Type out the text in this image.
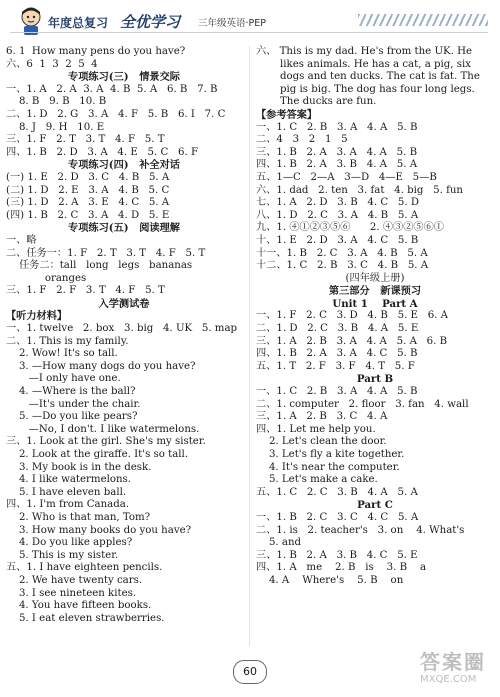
年度总复习 全优学习 三年级英语·PEP
6. 1  How many pens do you have?
六、6  1  3  2  5  4
专项练习(三)   情景交际
一、1. A   2. A  3. A  4. B  5. A   6. B   7. B
8. B   9. B   10. B
二、1. D   2. G   3. A   4. F   5. B   6. I   7. C
8. J   9. H   10. E
三、1. F   2. T   3. T   4. F   5. T
四、1. B   2. D   3. A   4. E   5. C   6. F
专项练习(四)   补全对话
(一) 1. E   2. D   3. C   4. B   5. A
(二) 1. D   2. E   3. A   4. B   5. C
(三) 1. D   2. A   3. E   4. C   5. A
(四) 1. B   2. C   3. A   4. D   5. E
专项练习(五)   阅读理解
一、略
二、任务一：1. F   2. T   3. T   4. F   5. T
任务二：tall   long   legs   bananas
oranges
三、1. F   2. F   3. T   4. F   5. T
入学测试卷
【听力材料】
一、1. twelve   2. box   3. big   4. UK   5. map
二、1. This is my family.
2. Wow! It's so tall.
3. —How many dogs do you have?
—I only have one.
4. —Where is the ball?
—It's under the chair.
5. —Do you like pears?
—No, I don't. I like watermelons.
三、1. Look at the girl. She's my sister.
2. Look at the giraffe. It's so tall.
3. My book is in the desk.
4. I like watermelons.
5. I have eleven ball.
四、1. I'm from Canada.
2. Who is that man, Tom?
3. How many books do you have?
4. Do you like apples?
5. This is my sister.
五、1. I have eighteen pencils.
2. We have twenty cars.
3. I see nineteen kites.
4. You have fifteen books.
5. I eat eleven strawberries.
六、 This is my dad. He's from the UK. He likes animals. He has a cat, a pig, six dogs and ten ducks. The cat is fat. The pig is big. The dog has four long legs. The ducks are fun.
【参考答案】
一、1. C   2. B   3. A   4. A   5. B
二、4   3   2   1   5
三、1. B   2. A   3. A   4. A   5. B
四、1. B   2. A   3. B   4. A   5. A
五、1—C   2—A   3—D   4—E   5—B
六、1. dad   2. ten   3. fat   4. big   5. fun
七、1. A   2. D   3. B   4. C   5. D
八、1. D   2. C   3. A   4. B   5. A
九、1. ④①②③⑤⑥      2. ④③②⑤⑥①
十、1. E   2. D   3. A   4. C   5. B
十一、1. B   2. C   3. A   4. B   5. A
十二、1. C   2. B   3. C   4. B   5. A
(四年级上册)
第三部分   新课预习
Unit 1    Part A
一、1. F   2. C   3. D   4. B   5. E   6. A
二、1. D   2. C   3. B   4. A   5. E
三、1. A   2. B   3. A   4. A   5. A   6. B
四、1. B   2. A   3. A   4. C   5. B
五、1. T   2. F   3. F   4. T   5. F
Part B
一、1. C   2. B   3. A   4. A   5. B
二、1. computer   2. floor   3. fan   4. wall
三、1. A   2. B   3. C   4. A
四、1. Let me help you.
2. Let's clean the door.
3. Let's fly a kite together.
4. It's near the computer.
5. Let's make a cake.
五、1. C   2. C   3. B   4. A   5. A
Part C
一、1. B   2. C   3. C   4. C   5. A
二、1. is   2. teacher's   3. on    4. What's
5. and
三、1. B   2. A   3. B   4. C   5. E
四、1. A   me    2. B   is    3. B    a
4. A    Where's    5. B    on
60	答案圈
MXQE.COM
